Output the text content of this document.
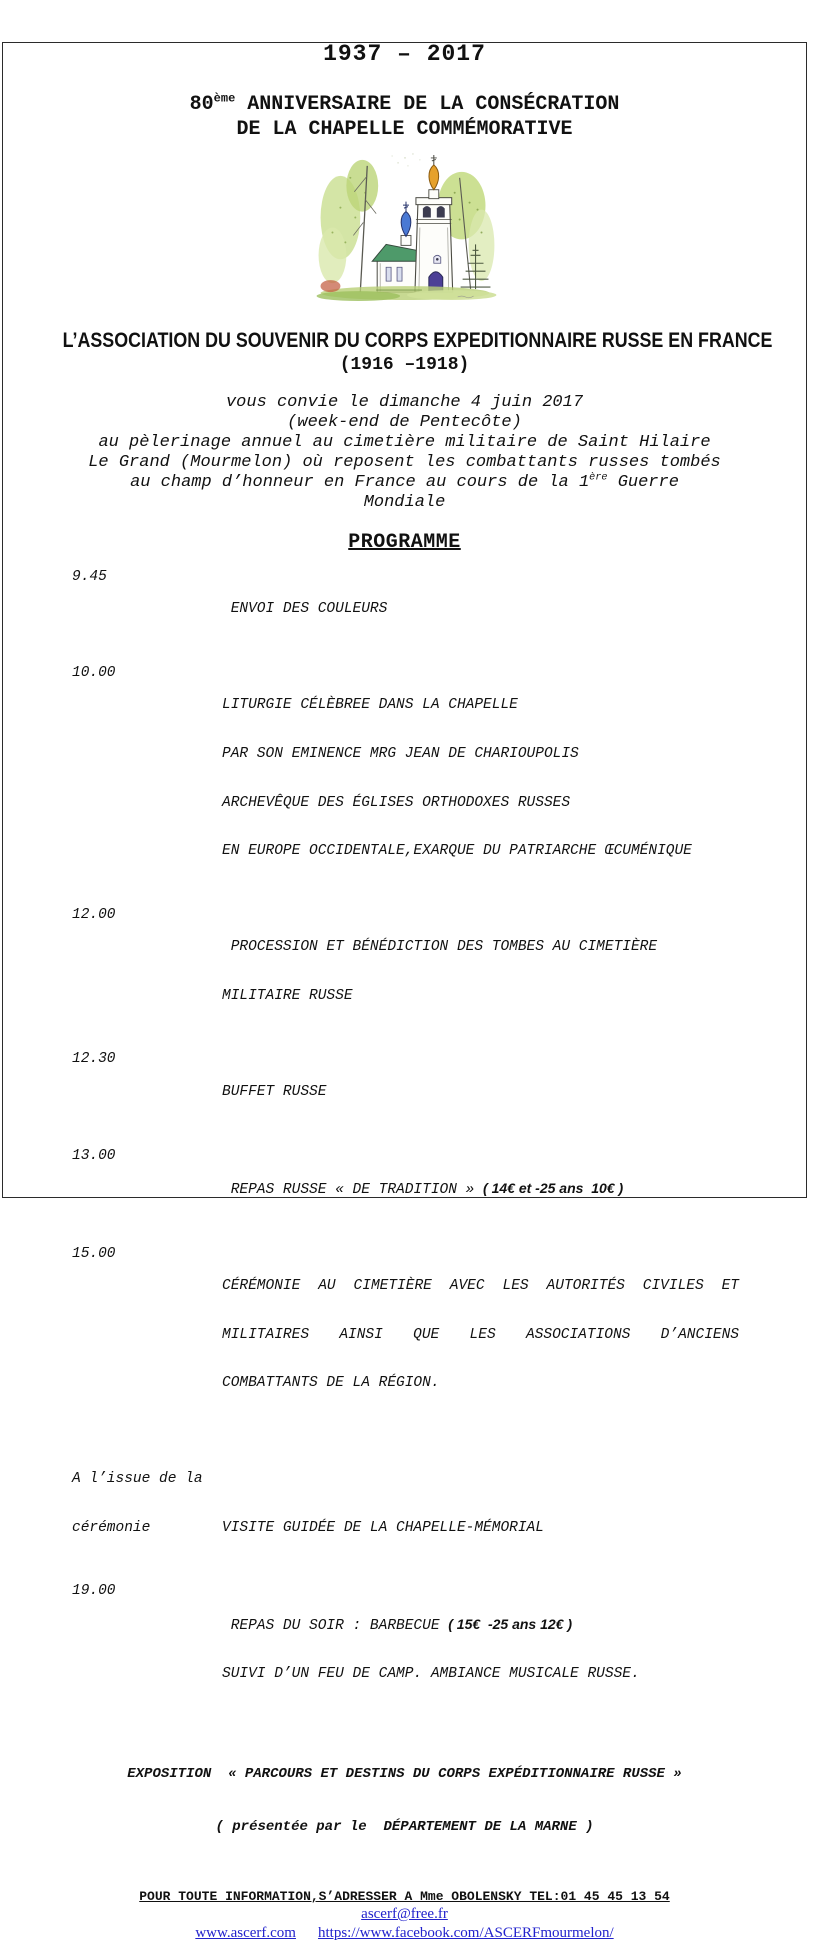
1937 – 2017
80ème ANNIVERSAIRE DE LA CONSÉCRATION
DE LA CHAPELLE COMMÉMORATIVE
L’ASSOCIATION DU SOUVENIR DU CORPS EXPEDITIONNAIRE RUSSE EN FRANCE
(1916 –1918)
vous convie le dimanche 4 juin 2017
(week-end de Pentecôte)
au pèlerinage annuel au cimetière militaire de Saint Hilaire
Le Grand (Mourmelon) où reposent les combattants russes tombés
au champ d’honneur en France au cours de la 1ère Guerre
Mondiale
PROGRAMME
9.45

ENVOI DES COULEURS

10.00

LITURGIE CÉLÈBREE DANS LA CHAPELLE

PAR SON EMINENCE MRG JEAN DE CHARIOUPOLIS

ARCHEVÊQUE DES ÉGLISES ORTHODOXES RUSSES

EN EUROPE OCCIDENTALE,EXARQUE DU PATRIARCHE ŒCUMÉNIQUE

12.00

PROCESSION ET BÉNÉDICTION DES TOMBES AU CIMETIÈRE

MILITAIRE RUSSE

12.30

BUFFET RUSSE

13.00

REPAS RUSSE « DE TRADITION » ( 14€ et -25 ans  10€ )

15.00

CÉRÉMONIE AU CIMETIÈRE AVEC LES AUTORITÉS CIVILES ET

MILITAIRES AINSI QUE LES ASSOCIATIONS D’ANCIENS

COMBATTANTS DE LA RÉGION.

A l’issue de la

cérémonie

	VISITE GUIDÉE DE LA CHAPELLE-MÉMORIAL

19.00

REPAS DU SOIR : BARBECUE ( 15€  -25 ans 12€ )

SUIVI D’UN FEU DE CAMP. AMBIANCE MUSICALE RUSSE.

EXPOSITION  « PARCOURS ET DESTINS DU CORPS EXPÉDITIONNAIRE RUSSE »

( présentée par le  DÉPARTEMENT DE LA MARNE )

POUR TOUTE INFORMATION,S’ADRESSER A Mme OBOLENSKY TEL:01 45 45 13 54
ascerf@free.fr
www.ascerf.com https://www.facebook.com/ASCERFmourmelon/
